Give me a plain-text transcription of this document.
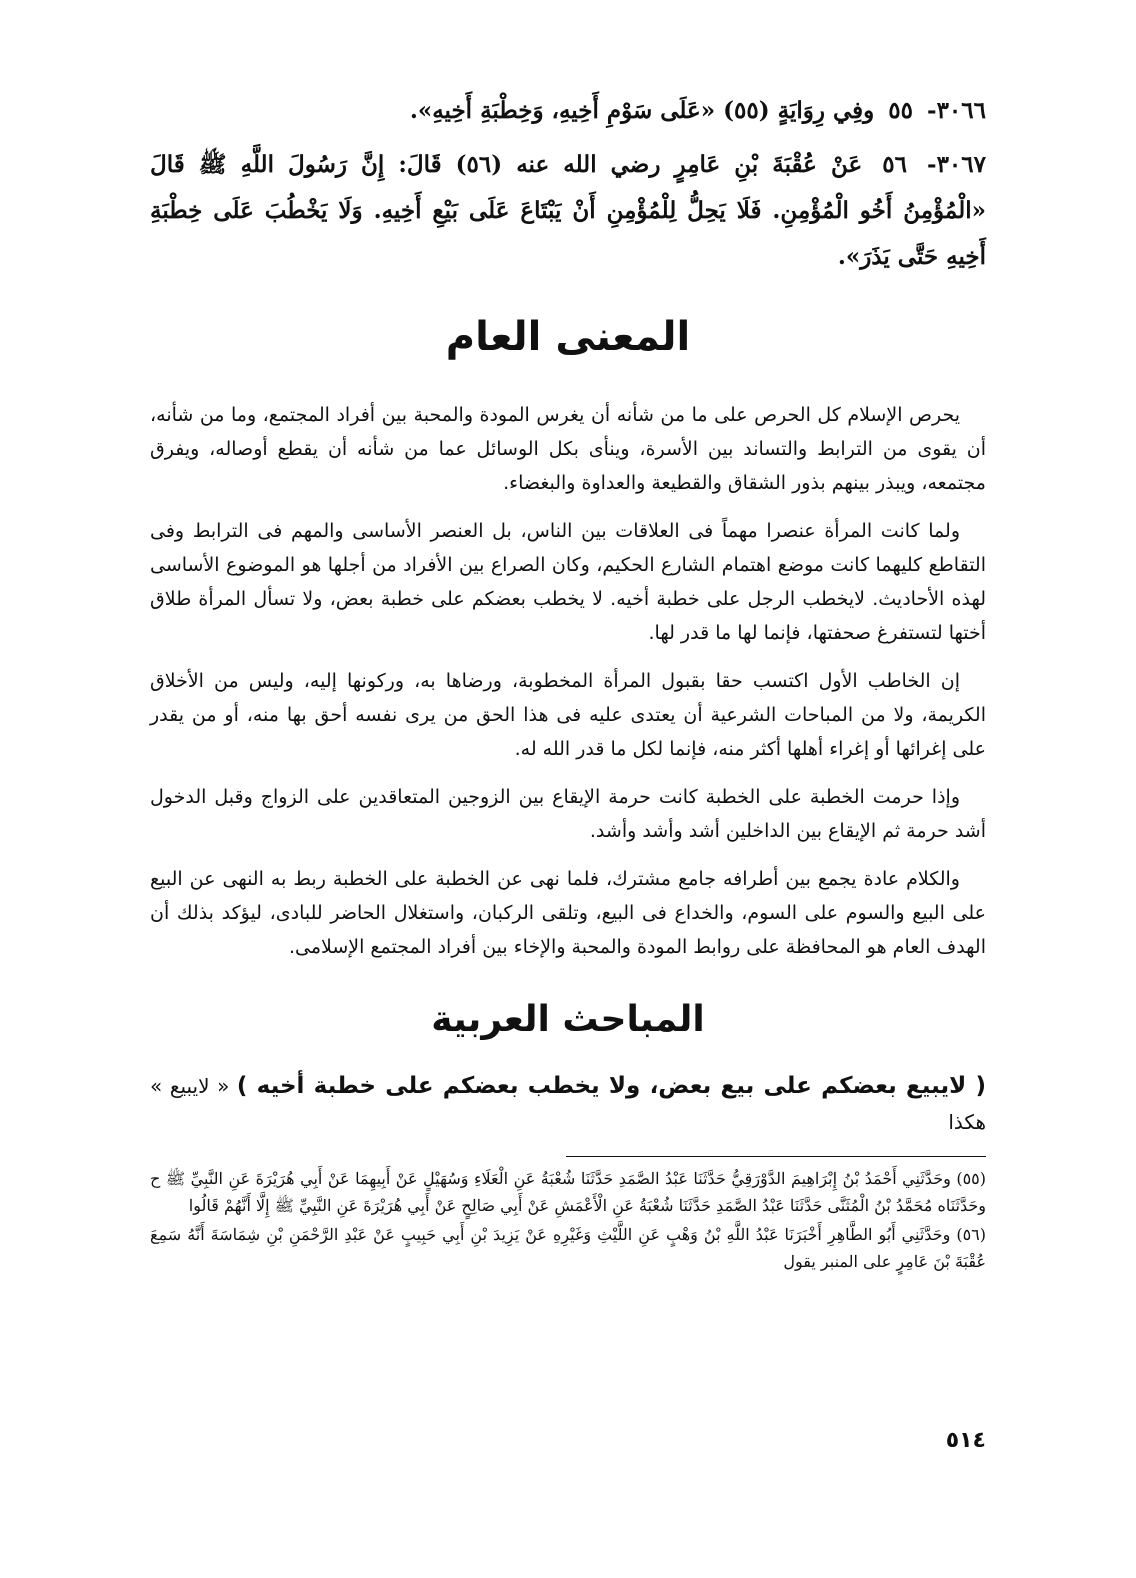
٣٠٦٦- ٥٥ وفِي رِوَايَةٍ (٥٥) «عَلَى سَوْمِ أَخِيهِ، وَخِطْبَةِ أَخِيهِ».

٣٠٦٧- ٥٦ عَنْ عُقْبَةَ بْنِ عَامِرٍ رضي الله عنه (٥٦) قَالَ: إِنَّ رَسُولَ اللَّهِ ﷺ قَالَ «الْمُؤْمِنُ أَخُو الْمُؤْمِنِ. فَلَا يَحِلُّ لِلْمُؤْمِنِ أَنْ يَبْتَاعَ عَلَى بَيْعِ أَخِيهِ. وَلَا يَخْطُبَ عَلَى خِطْبَةِ أَخِيهِ حَتَّى يَذَرَ».

المعنى العام

يحرص الإسلام كل الحرص على ما من شأنه أن يغرس المودة والمحبة بين أفراد المجتمع، وما من شأنه، أن يقوى من الترابط والتساند بين الأسرة، وينأى بكل الوسائل عما من شأنه أن يقطع أوصاله، ويفرق مجتمعه، ويبذر بينهم بذور الشقاق والقطيعة والعداوة والبغضاء.

ولما كانت المرأة عنصرا مهماً فى العلاقات بين الناس، بل العنصر الأساسى والمهم فى الترابط وفى التقاطع كليهما كانت موضع اهتمام الشارع الحكيم، وكان الصراع بين الأفراد من أجلها هو الموضوع الأساسى لهذه الأحاديث. لايخطب الرجل على خطبة أخيه. لا يخطب بعضكم على خطبة بعض، ولا تسأل المرأة طلاق أختها لتستفرغ صحفتها، فإنما لها ما قدر لها.

إن الخاطب الأول اكتسب حقا بقبول المرأة المخطوبة، ورضاها به، وركونها إليه، وليس من الأخلاق الكريمة، ولا من المباحات الشرعية أن يعتدى عليه فى هذا الحق من يرى نفسه أحق بها منه، أو من يقدر على إغرائها أو إغراء أهلها أكثر منه، فإنما لكل ما قدر الله له.

وإذا حرمت الخطبة على الخطبة كانت حرمة الإيقاع بين الزوجين المتعاقدين على الزواج وقبل الدخول أشد حرمة ثم الإيقاع بين الداخلين أشد وأشد وأشد.

والكلام عادة يجمع بين أطرافه جامع مشترك، فلما نهى عن الخطبة على الخطبة ربط به النهى عن البيع على البيع والسوم على السوم، والخداع فى البيع، وتلقى الركبان، واستغلال الحاضر للبادى، ليؤكد بذلك أن الهدف العام هو المحافظة على روابط المودة والمحبة والإخاء بين أفراد المجتمع الإسلامى.

المباحث العربية

( لايبيع بعضكم على بيع بعض، ولا يخطب بعضكم على خطبة أخيه ) « لايبيع » هكذا

(٥٥) وحَدَّثَنِي أَحْمَدُ بْنُ إِبْرَاهِيمَ الدَّوْرَقِيُّ حَدَّثَنَا عَبْدُ الصَّمَدِ حَدَّثَنَا شُعْبَةُ عَنِ الْعَلَاءِ وَسُهَيْلٍ عَنْ أَبِيهِمَا عَنْ أَبِي هُرَيْرَةَ عَنِ النَّبِيِّ ﷺ ح وحَدَّثَنَاه مُحَمَّدُ بْنُ الْمُثَنَّى حَدَّثَنَا عَبْدُ الصَّمَدِ حَدَّثَنَا شُعْبَةُ عَنِ الْأَعْمَشِ عَنْ أَبِي صَالِحٍ عَنْ أَبِي هُرَيْرَةَ عَنِ النَّبِيِّ ﷺ إِلَّا أَنَّهُمْ قَالُوا

(٥٦) وحَدَّثَنِي أَبُو الطَّاهِرِ أَخْبَرَنَا عَبْدُ اللَّهِ بْنُ وَهْبٍ عَنِ اللَّيْثِ وَغَيْرِهِ عَنْ يَزِيدَ بْنِ أَبِي حَبِيبٍ عَنْ عَبْدِ الرَّحْمَنِ بْنِ شِمَاسَةَ أَنَّهُ سَمِعَ عُقْبَةَ بْنَ عَامِرٍ على المنبر يقول

٥١٤
